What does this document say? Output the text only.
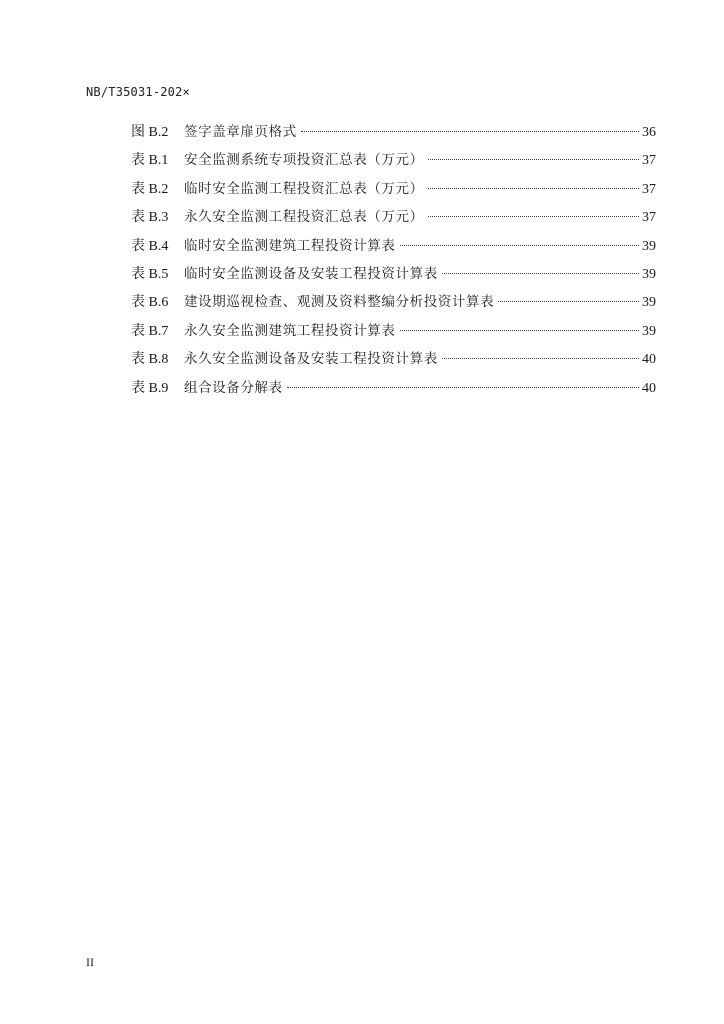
NB/T35031-202×
图 B.2	签字盖章扉页格式	36
表 B.1	安全监测系统专项投资汇总表（万元）	37
表 B.2	临时安全监测工程投资汇总表（万元）	37
表 B.3	永久安全监测工程投资汇总表（万元）	37
表 B.4	临时安全监测建筑工程投资计算表	39
表 B.5	临时安全监测设备及安装工程投资计算表	39
表 B.6	建设期巡视检查、观测及资料整编分析投资计算表	39
表 B.7	永久安全监测建筑工程投资计算表	39
表 B.8	永久安全监测设备及安装工程投资计算表	40
表 B.9	组合设备分解表	40
II
